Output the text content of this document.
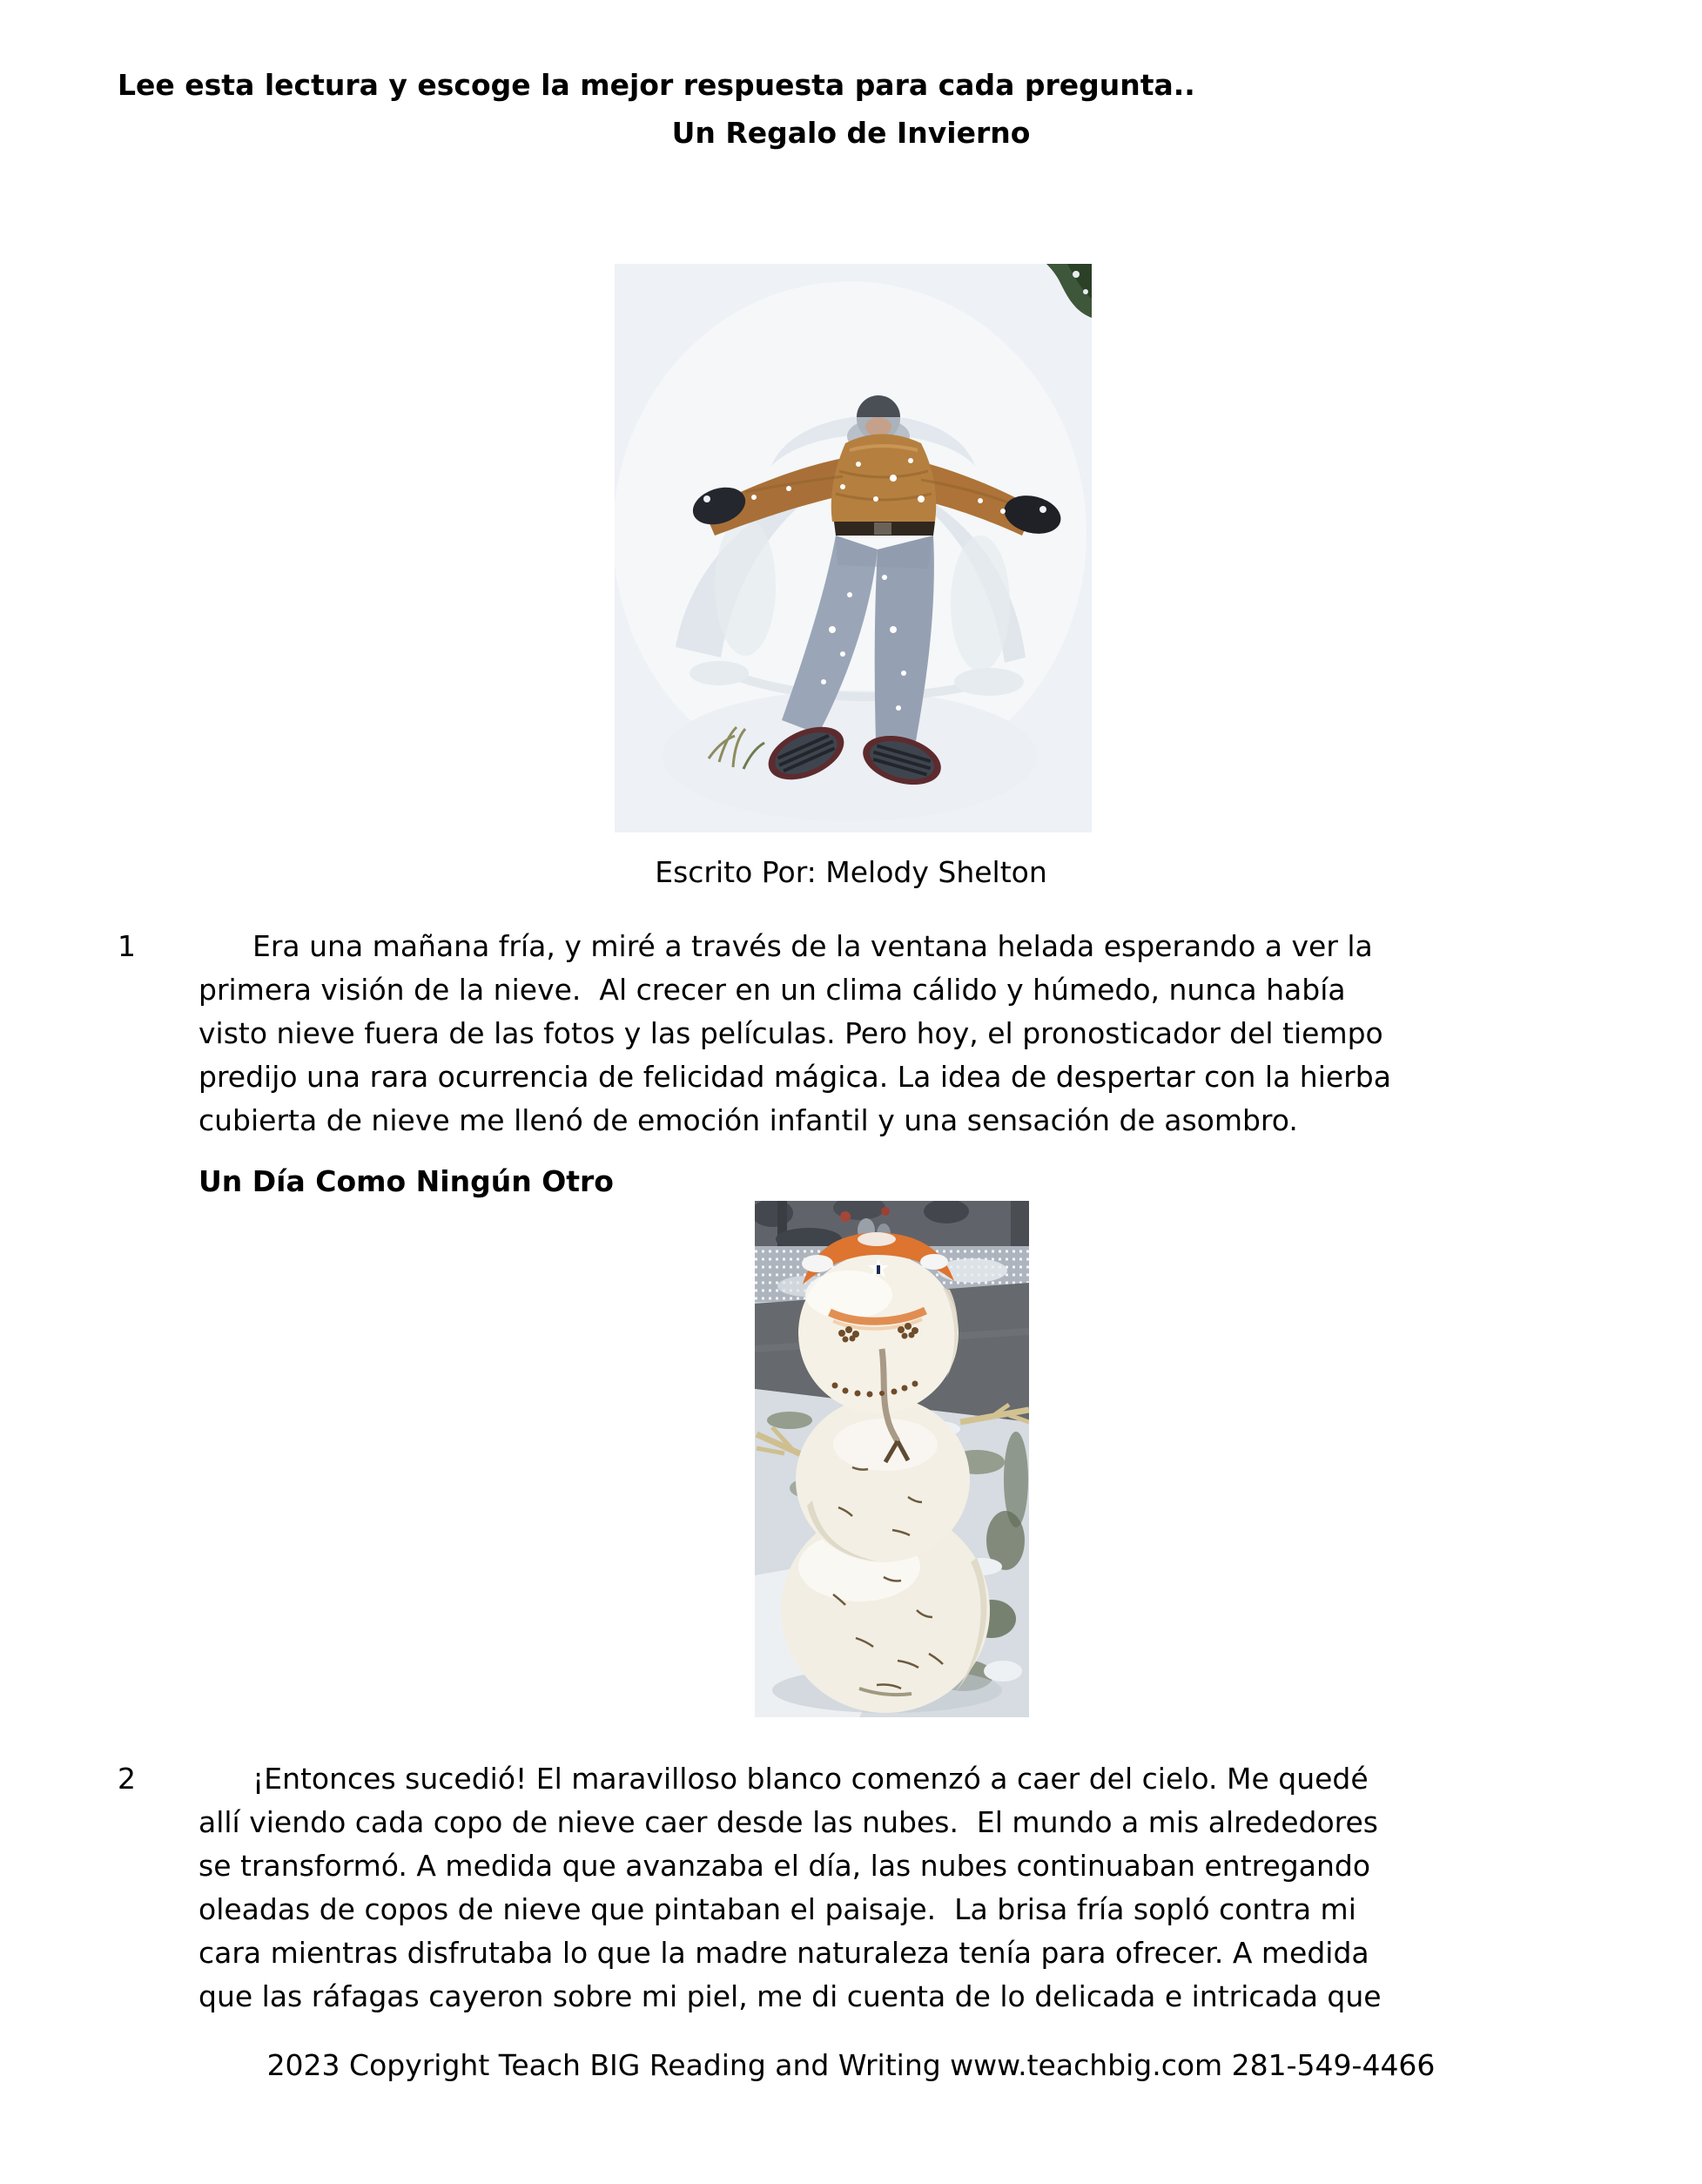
Lee esta lectura y escoge la mejor respuesta para cada pregunta..
Un Regalo de Invierno
Escrito Por: Melody Shelton
1	Era una mañana fría, y miré a través de la ventana helada esperando a ver la
primera visión de la nieve.  Al crecer en un clima cálido y húmedo, nunca había
visto nieve fuera de las fotos y las películas. Pero hoy, el pronosticador del tiempo
predijo una rara ocurrencia de felicidad mágica. La idea de despertar con la hierba
cubierta de nieve me llenó de emoción infantil y una sensación de asombro.
Un Día Como Ningún Otro
2	¡Entonces sucedió! El maravilloso blanco comenzó a caer del cielo. Me quedé
allí viendo cada copo de nieve caer desde las nubes.  El mundo a mis alrededores
se transformó. A medida que avanzaba el día, las nubes continuaban entregando
oleadas de copos de nieve que pintaban el paisaje.  La brisa fría sopló contra mi
cara mientras disfrutaba lo que la madre naturaleza tenía para ofrecer. A medida
que las ráfagas cayeron sobre mi piel, me di cuenta de lo delicada e intricada que
2023 Copyright Teach BIG Reading and Writing www.teachbig.com 281-549-4466
